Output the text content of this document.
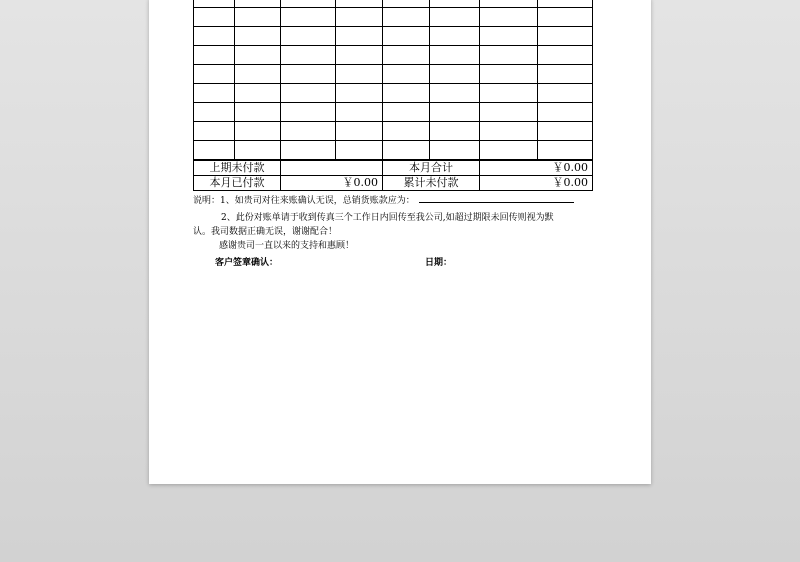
上期未付款				本月合计		￥0.00	
本月已付款		￥0.00		累计未付款		￥0.00	
说明：1、如贵司对往来账确认无误，总销货账款应为：
2、此份对账单请于收到传真三个工作日内回传至我公司,如超过期限未回传则视为默
认。我司数据正确无误，谢谢配合！
感谢贵司一直以来的支持和惠顾！
客户签章确认：	日期：
